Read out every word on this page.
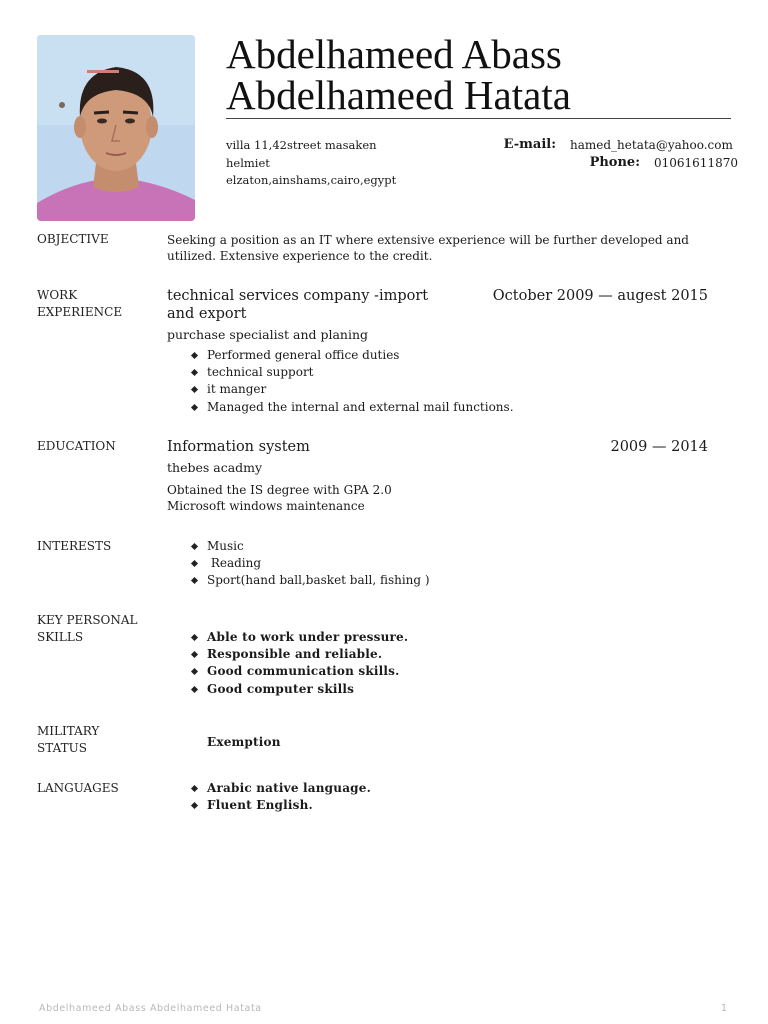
Abdelhameed Abass
Abdelhameed Hatata
villa 11,42street masaken
helmiet
elzaton,ainshams,cairo,egypt
E-mail: hamed_hetata@yahoo.com
Phone: 01061611870
OBJECTIVE	Seeking a position as an IT where extensive experience will be further developed and
utilized. Extensive experience to the credit.
WORK
EXPERIENCE
technical services company -import
and export
October 2009 — augest 2015
purchase specialist and planing
Performed general office duties
technical support
it manger
Managed the internal and external mail functions.
EDUCATION	Information system	2009 — 2014
thebes acadmy
Obtained the IS degree with GPA 2.0
Microsoft windows maintenance
INTERESTS	Music
Reading
Sport(hand ball,basket ball, fishing )
KEY PERSONAL
SKILLS	Able to work under pressure.
Responsible and reliable.
Good communication skills.
Good computer skills
MILITARY
STATUS	Exemption
LANGUAGES	Arabic native language.
Fluent English.
Abdelhameed Abass Abdelhameed Hatata	1
